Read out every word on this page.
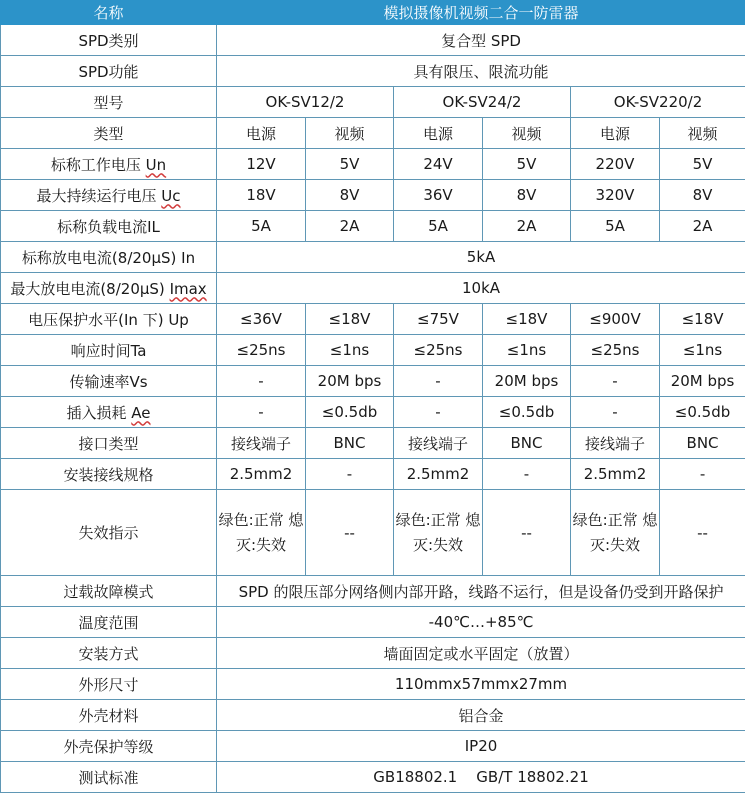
名称	模拟摄像机视频二合一防雷器					
SPD类别	复合型 SPD					
SPD功能	具有限压、限流功能					
型号	OK-SV12/2		OK-SV24/2		OK-SV220/2	
类型	电源	视频	电源	视频	电源	视频
标称工作电压 Un	12V	5V	24V	5V	220V	5V
最大持续运行电压 Uc	18V	8V	36V	8V	320V	8V
标称负载电流IL	5A	2A	5A	2A	5A	2A
标称放电电流(8/20μS) In	5kA					
最大放电电流(8/20μS) Imax	10kA					
电压保护水平(In 下) Up	≤36V	≤18V	≤75V	≤18V	≤900V	≤18V
响应时间Ta	≤25ns	≤1ns	≤25ns	≤1ns	≤25ns	≤1ns
传输速率Vs	-	20M bps	-	20M bps	-	20M bps
插入损耗 Ae	-	≤0.5db	-	≤0.5db	-	≤0.5db
接口类型	接线端子	BNC	接线端子	BNC	接线端子	BNC
安装接线规格	2.5mm2	-	2.5mm2	-	2.5mm2	-
失效指示	绿色:正常 熄灭:失效	--	绿色:正常 熄灭:失效	--	绿色:正常 熄灭:失效	--
过载故障模式	SPD 的限压部分网络侧内部开路，线路不运行，但是设备仍受到开路保护					
温度范围	-40℃…+85℃					
安装方式	墙面固定或水平固定（放置）					
外形尺寸	110mmx57mmx27mm					
外壳材料	铝合金					
外壳保护等级	IP20					
测试标准	GB18802.1    GB/T 18802.21					
